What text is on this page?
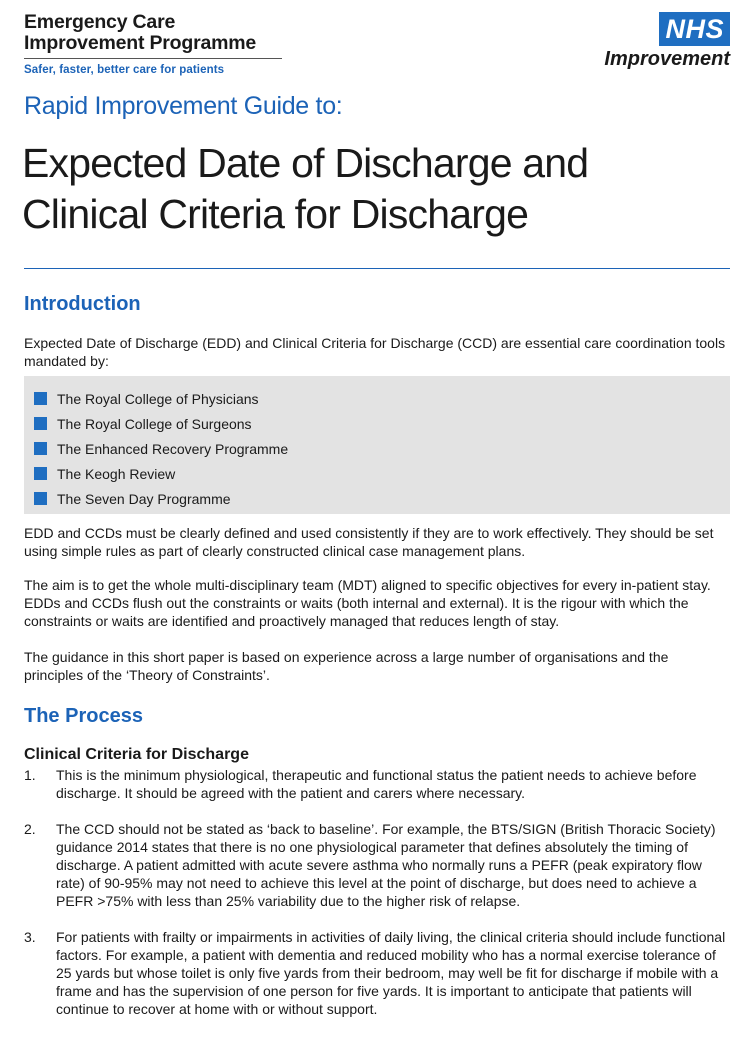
Emergency Care
Improvement Programme
Safer, faster, better care for patients
NHS
Improvement
Rapid Improvement Guide to:
Expected Date of Discharge and
Clinical Criteria for Discharge
Introduction
Expected Date of Discharge (EDD) and Clinical Criteria for Discharge (CCD) are essential care coordination tools mandated by:
The Royal College of Physicians
The Royal College of Surgeons
The Enhanced Recovery Programme
The Keogh Review
The Seven Day Programme
EDD and CCDs must be clearly defined and used consistently if they are to work effectively. They should be set using simple rules as part of clearly constructed clinical case management plans.
The aim is to get the whole multi-disciplinary team (MDT) aligned to specific objectives for every in-patient stay. EDDs and CCDs flush out the constraints or waits (both internal and external). It is the rigour with which the constraints or waits are identified and proactively managed that reduces length of stay.
The guidance in this short paper is based on experience across a large number of organisations and the principles of the ‘Theory of Constraints’.
The Process
Clinical Criteria for Discharge
1.	This is the minimum physiological, therapeutic and functional status the patient needs to achieve before discharge. It should be agreed with the patient and carers where necessary.
2.	The CCD should not be stated as ‘back to baseline’. For example, the BTS/SIGN (British Thoracic Society) guidance 2014 states that there is no one physiological parameter that defines absolutely the timing of discharge. A patient admitted with acute severe asthma who normally runs a PEFR (peak expiratory flow rate) of 90-95% may not need to achieve this level at the point of discharge, but does need to achieve a PEFR >75% with less than 25% variability due to the higher risk of relapse.
3.	For patients with frailty or impairments in activities of daily living, the clinical criteria should include functional factors. For example, a patient with dementia and reduced mobility who has a normal exercise tolerance of 25 yards but whose toilet is only five yards from their bedroom, may well be fit for discharge if mobile with a frame and has the supervision of one person for five yards. It is important to anticipate that patients will continue to recover at home with or without support.
